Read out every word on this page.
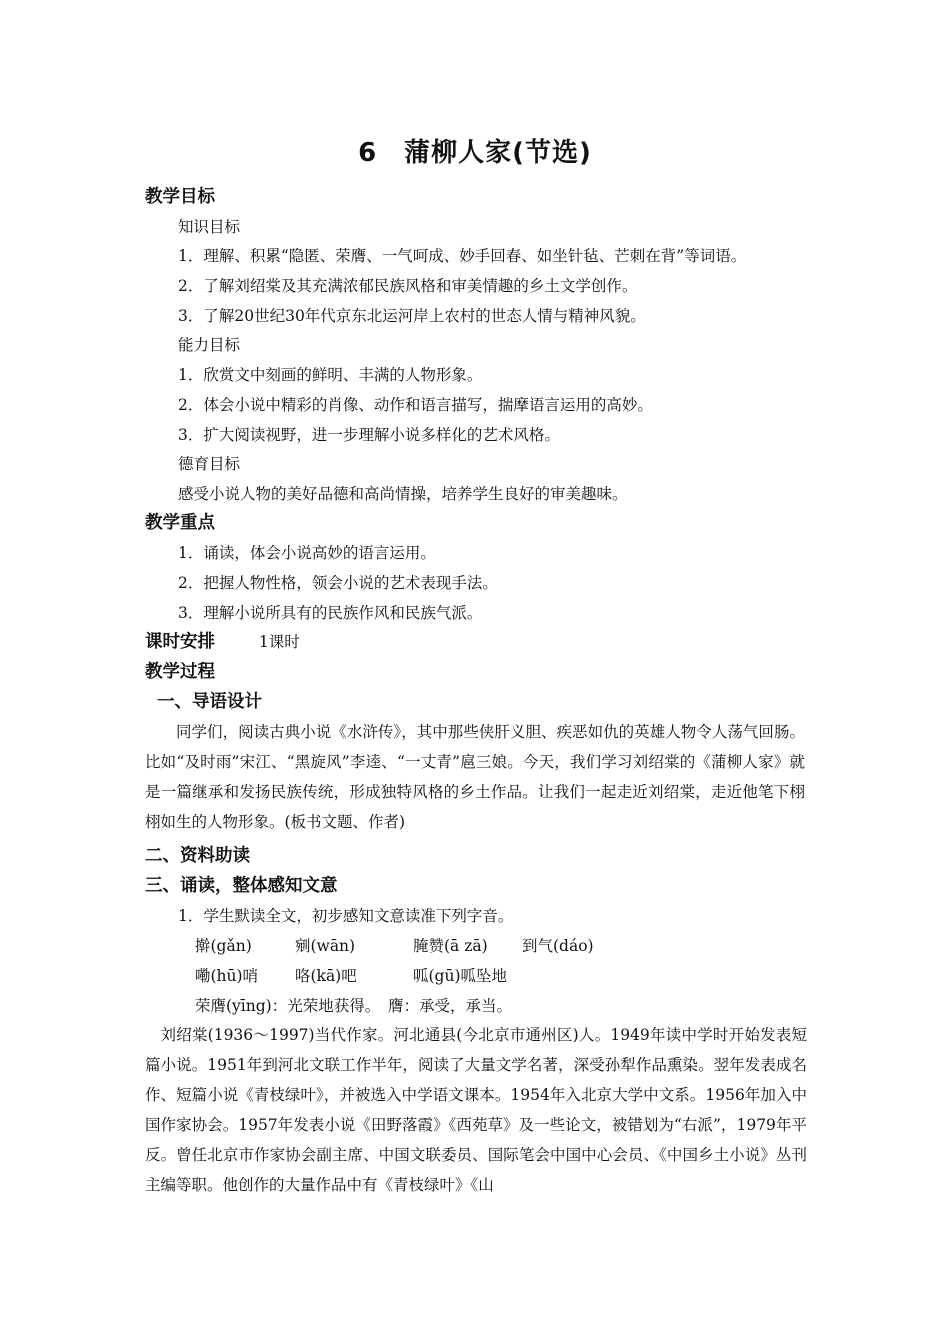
6　蒲柳人家(节选)
教学目标
知识目标
1．理解、积累“隐匿、荣膺、一气呵成、妙手回春、如坐针毡、芒刺在背”等词语。
2．了解刘绍棠及其充满浓郁民族风格和审美情趣的乡土文学创作。
3．了解20世纪30年代京东北运河岸上农村的世态人情与精神风貌。
能力目标
1．欣赏文中刻画的鲜明、丰满的人物形象。
2．体会小说中精彩的肖像、动作和语言描写，揣摩语言运用的高妙。
3．扩大阅读视野，进一步理解小说多样化的艺术风格。
德育目标
感受小说人物的美好品德和高尚情操，培养学生良好的审美趣味。
教学重点
1．诵读，体会小说高妙的语言运用。
2．把握人物性格，领会小说的艺术表现手法。
3．理解小说所具有的民族作风和民族气派。
课时安排	1课时
教学过程
一、导语设计
同学们，阅读古典小说《水浒传》，其中那些侠肝义胆、疾恶如仇的英雄人物令人荡气回肠。比如“及时雨”宋江、“黑旋风”李逵、“一丈青”扈三娘。今天，我们学习刘绍棠的《蒲柳人家》就是一篇继承和发扬民族传统，形成独特风格的乡土作品。让我们一起走近刘绍棠，走近他笔下栩栩如生的人物形象。(板书文题、作者)
二、资料助读
三、诵读，整体感知文意
1．学生默读全文，初步感知文意读准下列字音。
擀(gǎn)	剜(wān)	腌赞(ā zā) 到气(dáo)
嘞(hū)哨 咯(kā)吧	呱(gū)呱坠地
荣膺(yīng)：光荣地获得。　膺：承受，承当。
刘绍棠(1936～1997)当代作家。河北通县(今北京市通州区)人。1949年读中学时开始发表短篇小说。1951年到河北文联工作半年，阅读了大量文学名著，深受孙犁作品熏染。翌年发表成名作、短篇小说《青枝绿叶》，并被选入中学语文课本。1954年入北京大学中文系。1956年加入中国作家协会。1957年发表小说《田野落霞》《西苑草》及一些论文，被错划为“右派”，1979年平反。曾任北京市作家协会副主席、中国文联委员、国际笔会中国中心会员、《中国乡土小说》丛刊主编等职。他创作的大量作品中有《青枝绿叶》《山
